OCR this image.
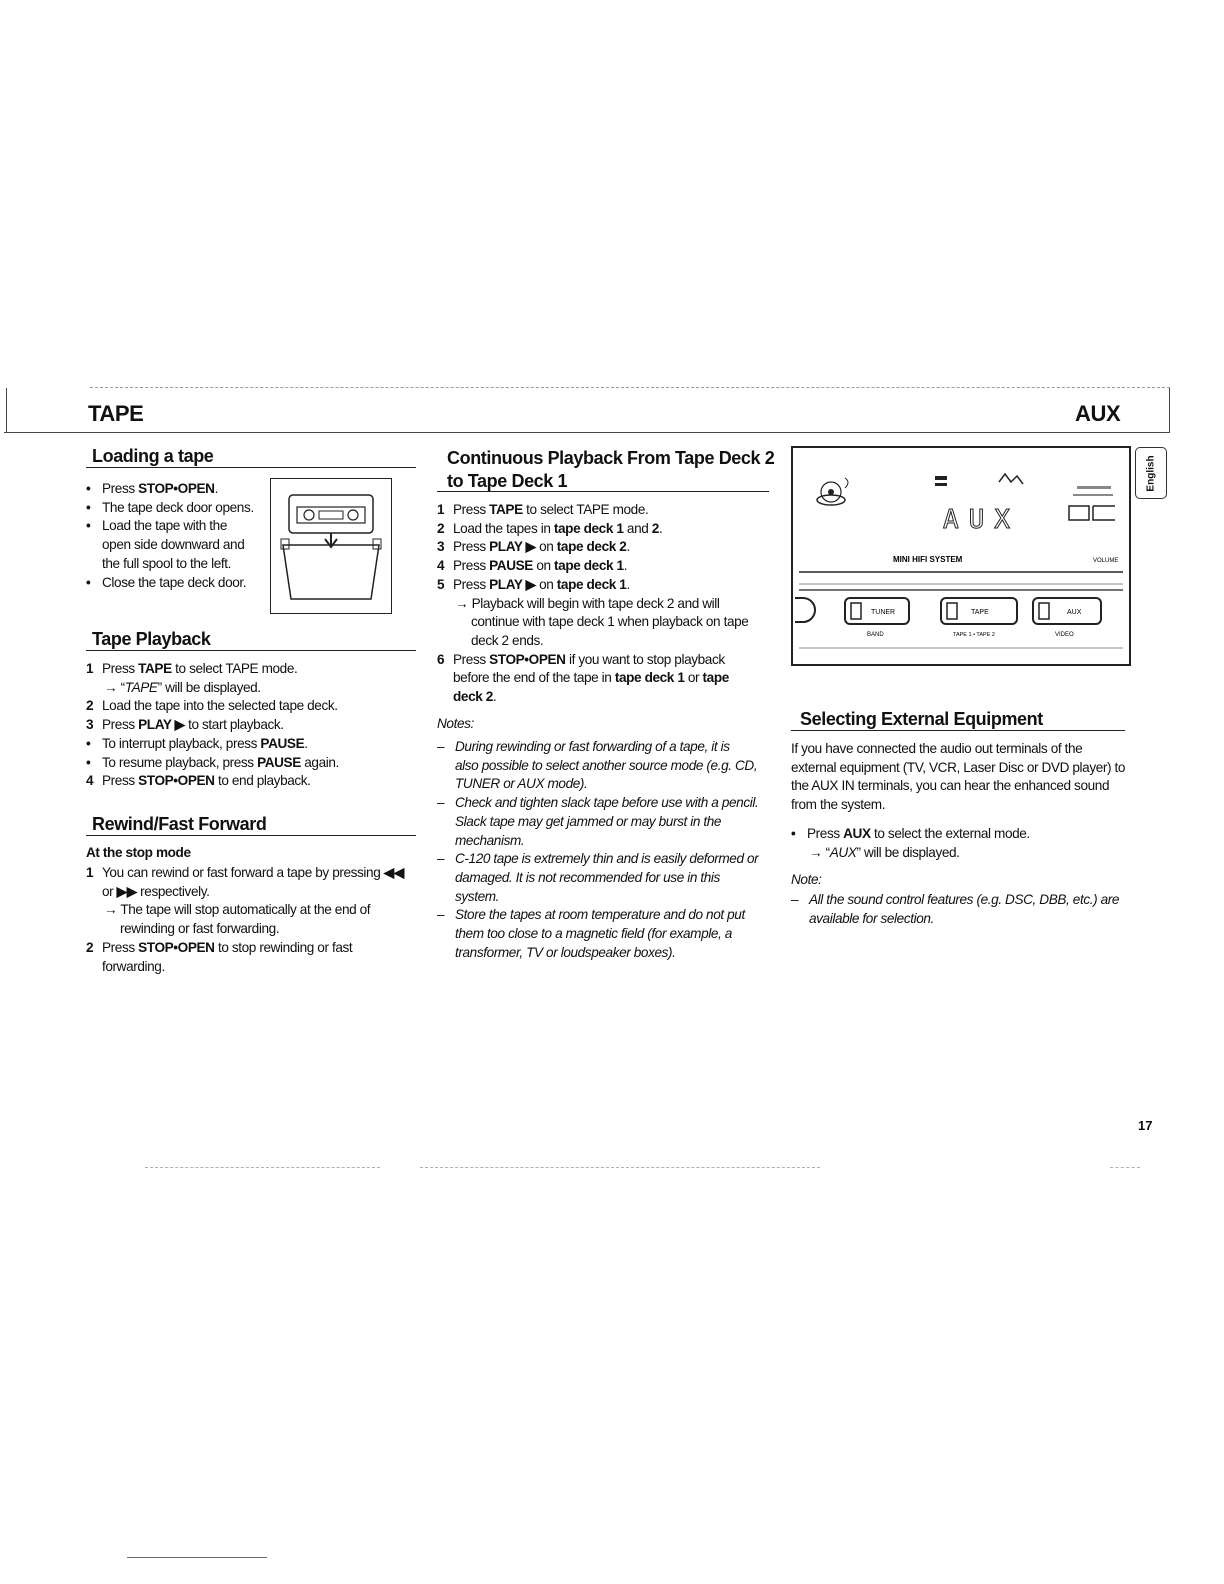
TAPE	AUX
English
Loading a tape
• Press STOP•OPEN.
• The tape deck door opens.
• Load the tape with the
open side downward and
the full spool to the left.
• Close the tape deck door.
Tape Playback
1 Press TAPE to select TAPE mode.
→ “TAPE” will be displayed.
2 Load the tape into the selected tape deck.
3 Press PLAY ▶ to start playback.
• To interrupt playback, press PAUSE.
• To resume playback, press PAUSE again.
4 Press STOP•OPEN to end playback.
Rewind/Fast Forward
At the stop mode
1 You can rewind or fast forward a tape by pressing ◀◀
or ▶▶ respectively.
→ The tape will stop automatically at the end of
rewinding or fast forwarding.
2 Press STOP•OPEN to stop rewinding or fast
forwarding.
Continuous Playback From Tape Deck 2
to Tape Deck 1
1 Press TAPE to select TAPE mode.
2 Load the tapes in tape deck 1 and 2.
3 Press PLAY ▶ on tape deck 2.
4 Press PAUSE on tape deck 1.
5 Press PLAY ▶ on tape deck 1.
→ Playback will begin with tape deck 2 and will
continue with tape deck 1 when playback on tape
deck 2 ends.
6 Press STOP•OPEN if you want to stop playback
before the end of the tape in tape deck 1 or tape
deck 2.
Notes:
– During rewinding or fast forwarding of a tape, it is
also possible to select another source mode (e.g. CD,
TUNER or AUX mode).
– Check and tighten slack tape before use with a pencil.
Slack tape may get jammed or may burst in the
mechanism.
– C-120 tape is extremely thin and is easily deformed or
damaged. It is not recommended for use in this
system.
– Store the tapes at room temperature and do not put
them too close to a magnetic field (for example, a
transformer, TV or loudspeaker boxes).
AUX
MINI HIFI SYSTEM	VOLUME
TUNER
BAND
TAPE
TAPE 1 • TAPE 2
AUX
VIDEO
Selecting External Equipment
If you have connected the audio out terminals of the
external equipment (TV, VCR, Laser Disc or DVD player) to
the AUX IN terminals, you can hear the enhanced sound
from the system.
• Press AUX to select the external mode.
→ “AUX” will be displayed.
Note:
– All the sound control features (e.g. DSC, DBB, etc.) are
available for selection.
17
